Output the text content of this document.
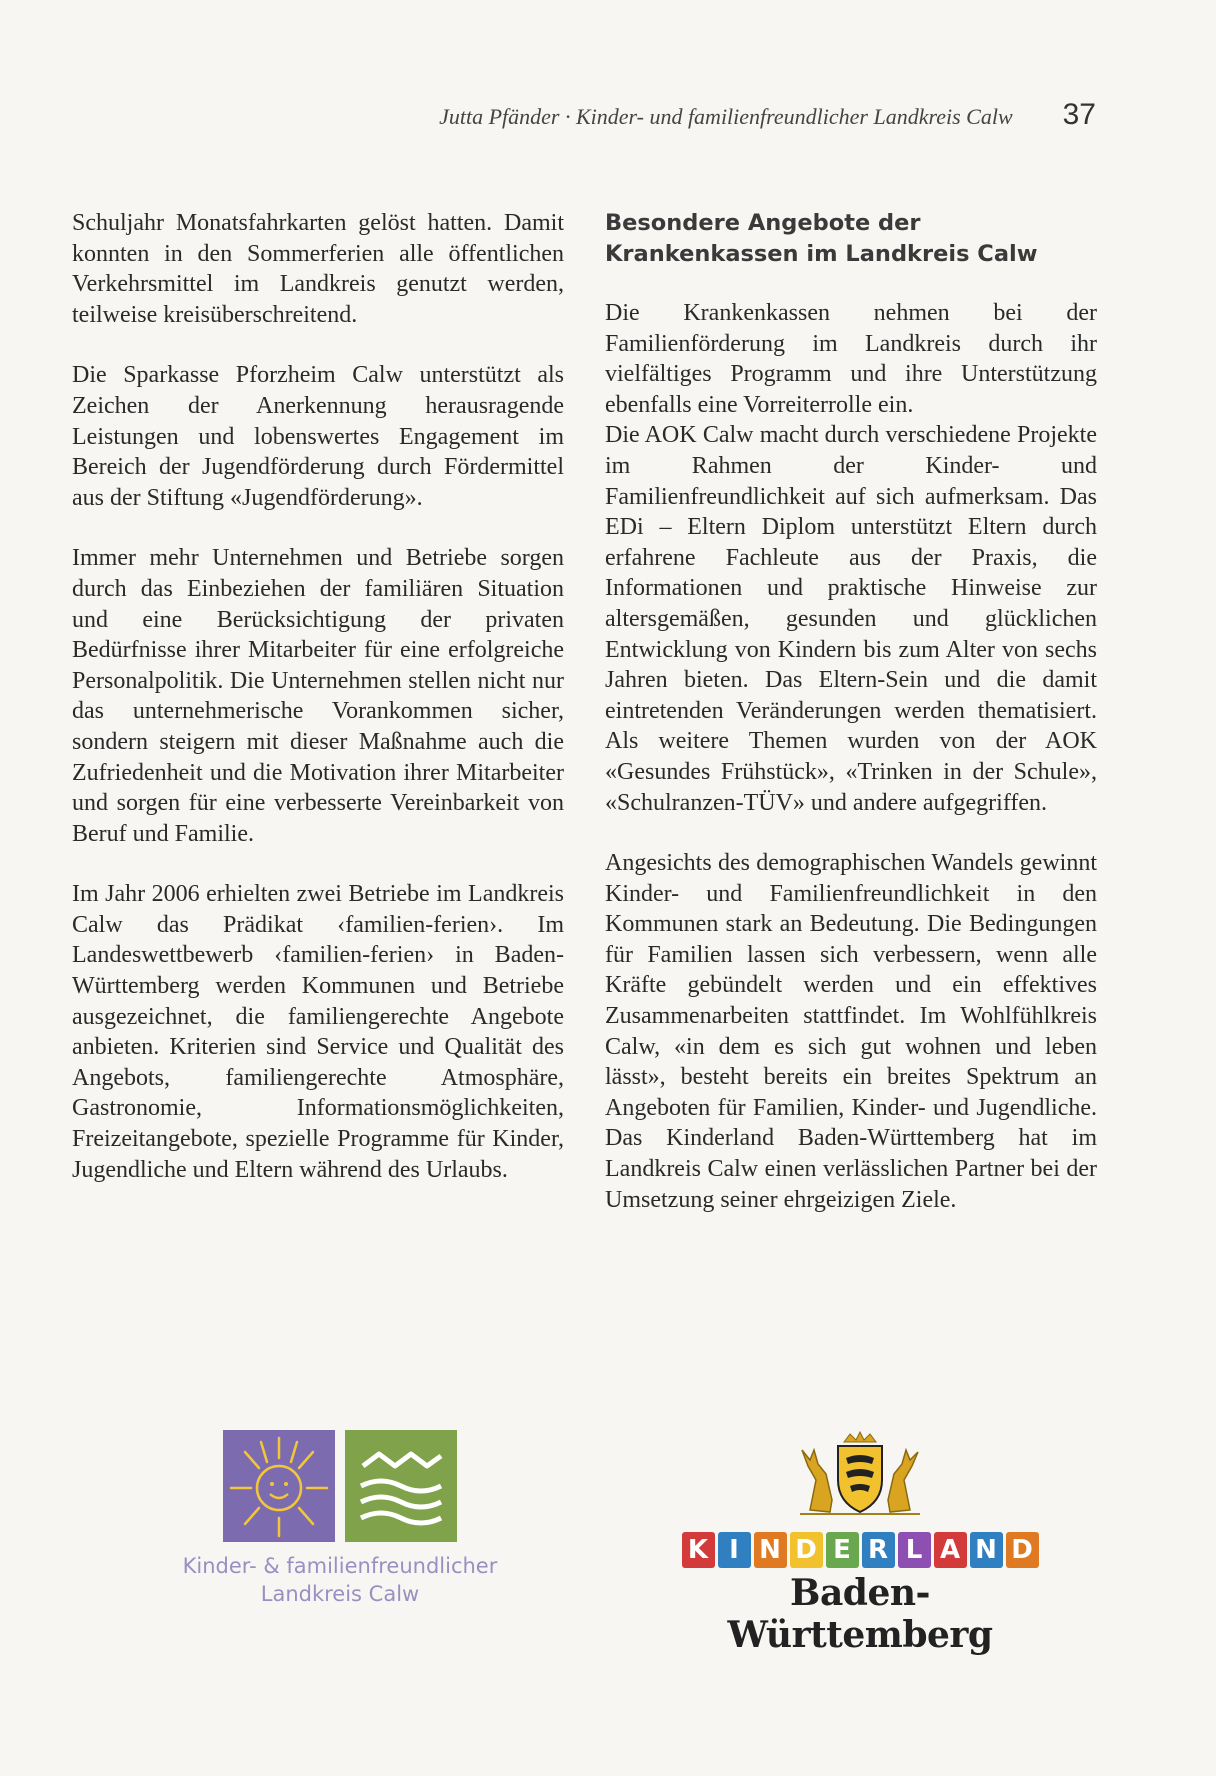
Jutta Pfänder · Kinder- und familienfreundlicher Landkreis Calw 37

Schuljahr Monatsfahrkarten gelöst hatten. Damit konnten in den Sommerferien alle öffentlichen Verkehrsmittel im Landkreis genutzt werden, teilweise kreisüberschreitend.

Die Sparkasse Pforzheim Calw unterstützt als Zeichen der Anerkennung herausragende Leistungen und lobenswertes Engagement im Bereich der Jugendförderung durch Fördermittel aus der Stiftung «Jugendförderung».

Immer mehr Unternehmen und Betriebe sorgen durch das Einbeziehen der familiären Situation und eine Berücksichtigung der privaten Bedürfnisse ihrer Mitarbeiter für eine erfolgreiche Personalpolitik. Die Unternehmen stellen nicht nur das unternehmerische Vorankommen sicher, sondern steigern mit dieser Maßnahme auch die Zufriedenheit und die Motivation ihrer Mitarbeiter und sorgen für eine verbesserte Vereinbarkeit von Beruf und Familie.

Im Jahr 2006 erhielten zwei Betriebe im Landkreis Calw das Prädikat ‹familien-ferien›. Im Landeswettbewerb ‹familien-ferien› in Baden-Württemberg werden Kommunen und Betriebe ausgezeichnet, die familiengerechte Angebote anbieten. Kriterien sind Service und Qualität des Angebots, familiengerechte Atmosphäre, Gastronomie, Informationsmöglichkeiten, Freizeitangebote, spezielle Programme für Kinder, Jugendliche und Eltern während des Urlaubs.

Besondere Angebote der Krankenkassen im Landkreis Calw

Die Krankenkassen nehmen bei der Familienförderung im Landkreis durch ihr vielfältiges Programm und ihre Unterstützung ebenfalls eine Vorreiterrolle ein.

Die AOK Calw macht durch verschiedene Projekte im Rahmen der Kinder- und Familienfreundlichkeit auf sich aufmerksam. Das EDi – Eltern Diplom unterstützt Eltern durch erfahrene Fachleute aus der Praxis, die Informationen und praktische Hinweise zur altersgemäßen, gesunden und glücklichen Entwicklung von Kindern bis zum Alter von sechs Jahren bieten. Das Eltern-Sein und die damit eintretenden Veränderungen werden thematisiert. Als weitere Themen wurden von der AOK «Gesundes Frühstück», «Trinken in der Schule», «Schulranzen-TÜV» und andere aufgegriffen.

Angesichts des demographischen Wandels gewinnt Kinder- und Familienfreundlichkeit in den Kommunen stark an Bedeutung. Die Bedingungen für Familien lassen sich verbessern, wenn alle Kräfte gebündelt werden und ein effektives Zusammenarbeiten stattfindet. Im Wohlfühlkreis Calw, «in dem es sich gut wohnen und leben lässt», besteht bereits ein breites Spektrum an Angeboten für Familien, Kinder- und Jugendliche. Das Kinderland Baden-Württemberg hat im Landkreis Calw einen verlässlichen Partner bei der Umsetzung seiner ehrgeizigen Ziele.

Kinder- & familienfreundlicher
Landkreis Calw
K I N D E R L A N D
Baden-Württemberg
